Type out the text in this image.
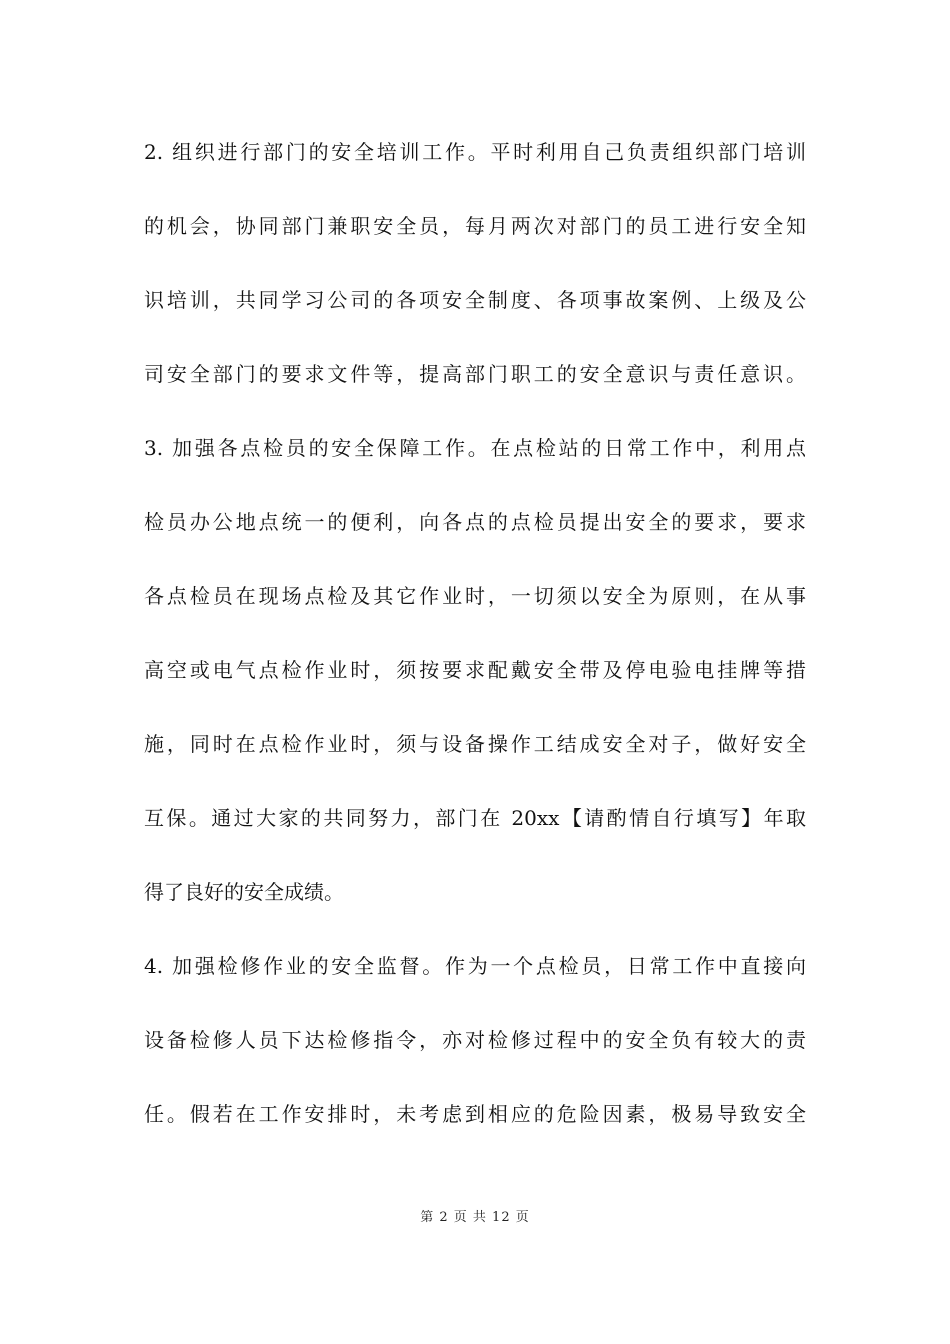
2. 组织进行部门的安全培训工作。平时利用自己负责组织部门培训
的机会，协同部门兼职安全员，每月两次对部门的员工进行安全知
识培训，共同学习公司的各项安全制度、各项事故案例、上级及公
司安全部门的要求文件等，提高部门职工的安全意识与责任意识。
3. 加强各点检员的安全保障工作。在点检站的日常工作中，利用点
检员办公地点统一的便利，向各点的点检员提出安全的要求，要求
各点检员在现场点检及其它作业时，一切须以安全为原则，在从事
高空或电气点检作业时，须按要求配戴安全带及停电验电挂牌等措
施，同时在点检作业时，须与设备操作工结成安全对子，做好安全
互保。通过大家的共同努力，部门在 20xx【请酌情自行填写】年取
得了良好的安全成绩。
4. 加强检修作业的安全监督。作为一个点检员，日常工作中直接向
设备检修人员下达检修指令，亦对检修过程中的安全负有较大的责
任。假若在工作安排时，未考虑到相应的危险因素，极易导致安全
第 2 页 共 12 页
